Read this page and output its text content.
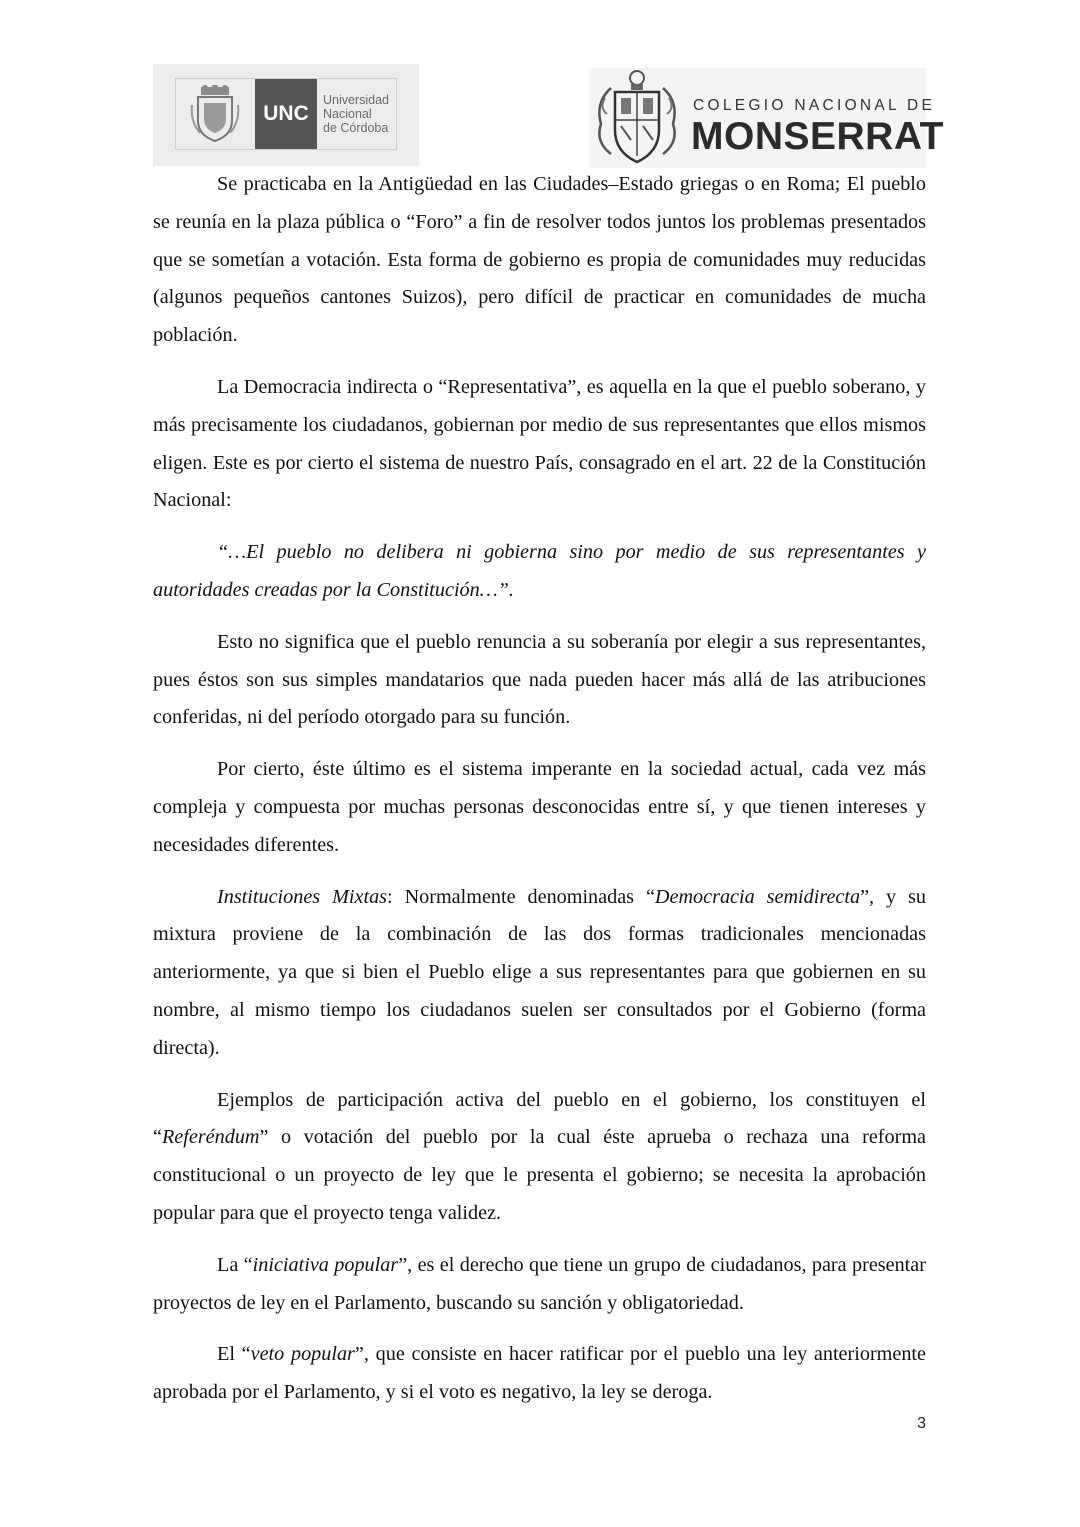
UNC
Universidad
Nacional
de Córdoba
COLEGIO NACIONAL DE
MONSERRAT

Se practicaba en la Antigüedad en las Ciudades–Estado griegas o en Roma; El pueblo se reunía en la plaza pública o “Foro” a fin de resolver todos juntos los problemas presentados que se sometían a votación. Esta forma de gobierno es propia de comunidades muy reducidas (algunos pequeños cantones Suizos), pero difícil de practicar en comunidades de mucha población.

La Democracia indirecta o “Representativa”, es aquella en la que el pueblo soberano, y más precisamente los ciudadanos, gobiernan por medio de sus representantes que ellos mismos eligen. Este es por cierto el sistema de nuestro País, consagrado en el art. 22 de la Constitución Nacional:

“…El pueblo no delibera ni gobierna sino por medio de sus representantes y autoridades creadas por la Constitución…”.

Esto no significa que el pueblo renuncia a su soberanía por elegir a sus representantes, pues éstos son sus simples mandatarios que nada pueden hacer más allá de las atribuciones conferidas, ni del período otorgado para su función.

Por cierto, éste último es el sistema imperante en la sociedad actual, cada vez más compleja y compuesta por muchas personas desconocidas entre sí, y que tienen intereses y necesidades diferentes.

Instituciones Mixtas: Normalmente denominadas “Democracia semidirecta”, y su mixtura proviene de la combinación de las dos formas tradicionales mencionadas anteriormente, ya que si bien el Pueblo elige a sus representantes para que gobiernen en su nombre, al mismo tiempo los ciudadanos suelen ser consultados por el Gobierno (forma directa).

Ejemplos de participación activa del pueblo en el gobierno, los constituyen el “Referéndum” o votación del pueblo por la cual éste aprueba o rechaza una reforma constitucional o un proyecto de ley que le presenta el gobierno; se necesita la aprobación popular para que el proyecto tenga validez.

La “iniciativa popular”, es el derecho que tiene un grupo de ciudadanos, para presentar proyectos de ley en el Parlamento, buscando su sanción y obligatoriedad.

El “veto popular”, que consiste en hacer ratificar por el pueblo una ley anteriormente aprobada por el Parlamento, y si el voto es negativo, la ley se deroga.

3
